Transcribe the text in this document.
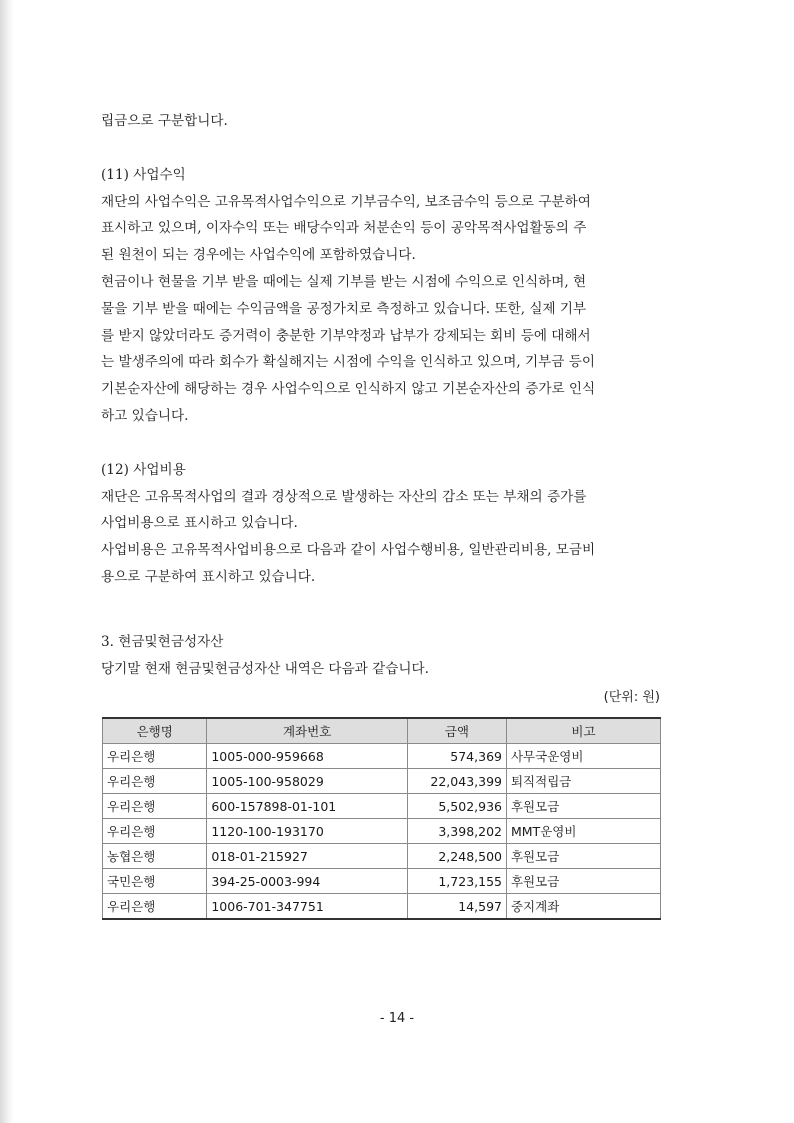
립금으로 구분합니다.

(11) 사업수익

재단의 사업수익은 고유목적사업수익으로 기부금수익, 보조금수익 등으로 구분하여
표시하고 있으며, 이자수익 또는 배당수익과 처분손익 등이 공악목적사업활동의 주
된 원천이 되는 경우에는 사업수익에 포함하였습니다.

현금이나 현물을 기부 받을 때에는 실제 기부를 받는 시점에 수익으로 인식하며, 현
물을 기부 받을 때에는 수익금액을 공정가치로 측정하고 있습니다. 또한, 실제 기부
를 받지 않았더라도 증거력이 충분한 기부약정과 납부가 강제되는 회비 등에 대해서
는 발생주의에 따라 회수가 확실해지는 시점에 수익을 인식하고 있으며, 기부금 등이
기본순자산에 해당하는 경우 사업수익으로 인식하지 않고 기본순자산의 증가로 인식
하고 있습니다.

(12) 사업비용

재단은 고유목적사업의 결과 경상적으로 발생하는 자산의 감소 또는 부채의 증가를
사업비용으로 표시하고 있습니다.

사업비용은 고유목적사업비용으로 다음과 같이 사업수행비용, 일반관리비용, 모금비
용으로 구분하여 표시하고 있습니다.

3. 현금및현금성자산

당기말 현재 현금및현금성자산 내역은 다음과 같습니다.

(단위: 원)
은행명	계좌번호	금액	비고
우리은행	1005-000-959668	574,369	사무국운영비
우리은행	1005-100-958029	22,043,399	퇴직적립금
우리은행	600-157898-01-101	5,502,936	후원모금
우리은행	1120-100-193170	3,398,202	MMT운영비
농협은행	018-01-215927	2,248,500	후원모금
국민은행	394-25-0003-994	1,723,155	후원모금
우리은행	1006-701-347751	14,597	중지계좌
- 14 -
